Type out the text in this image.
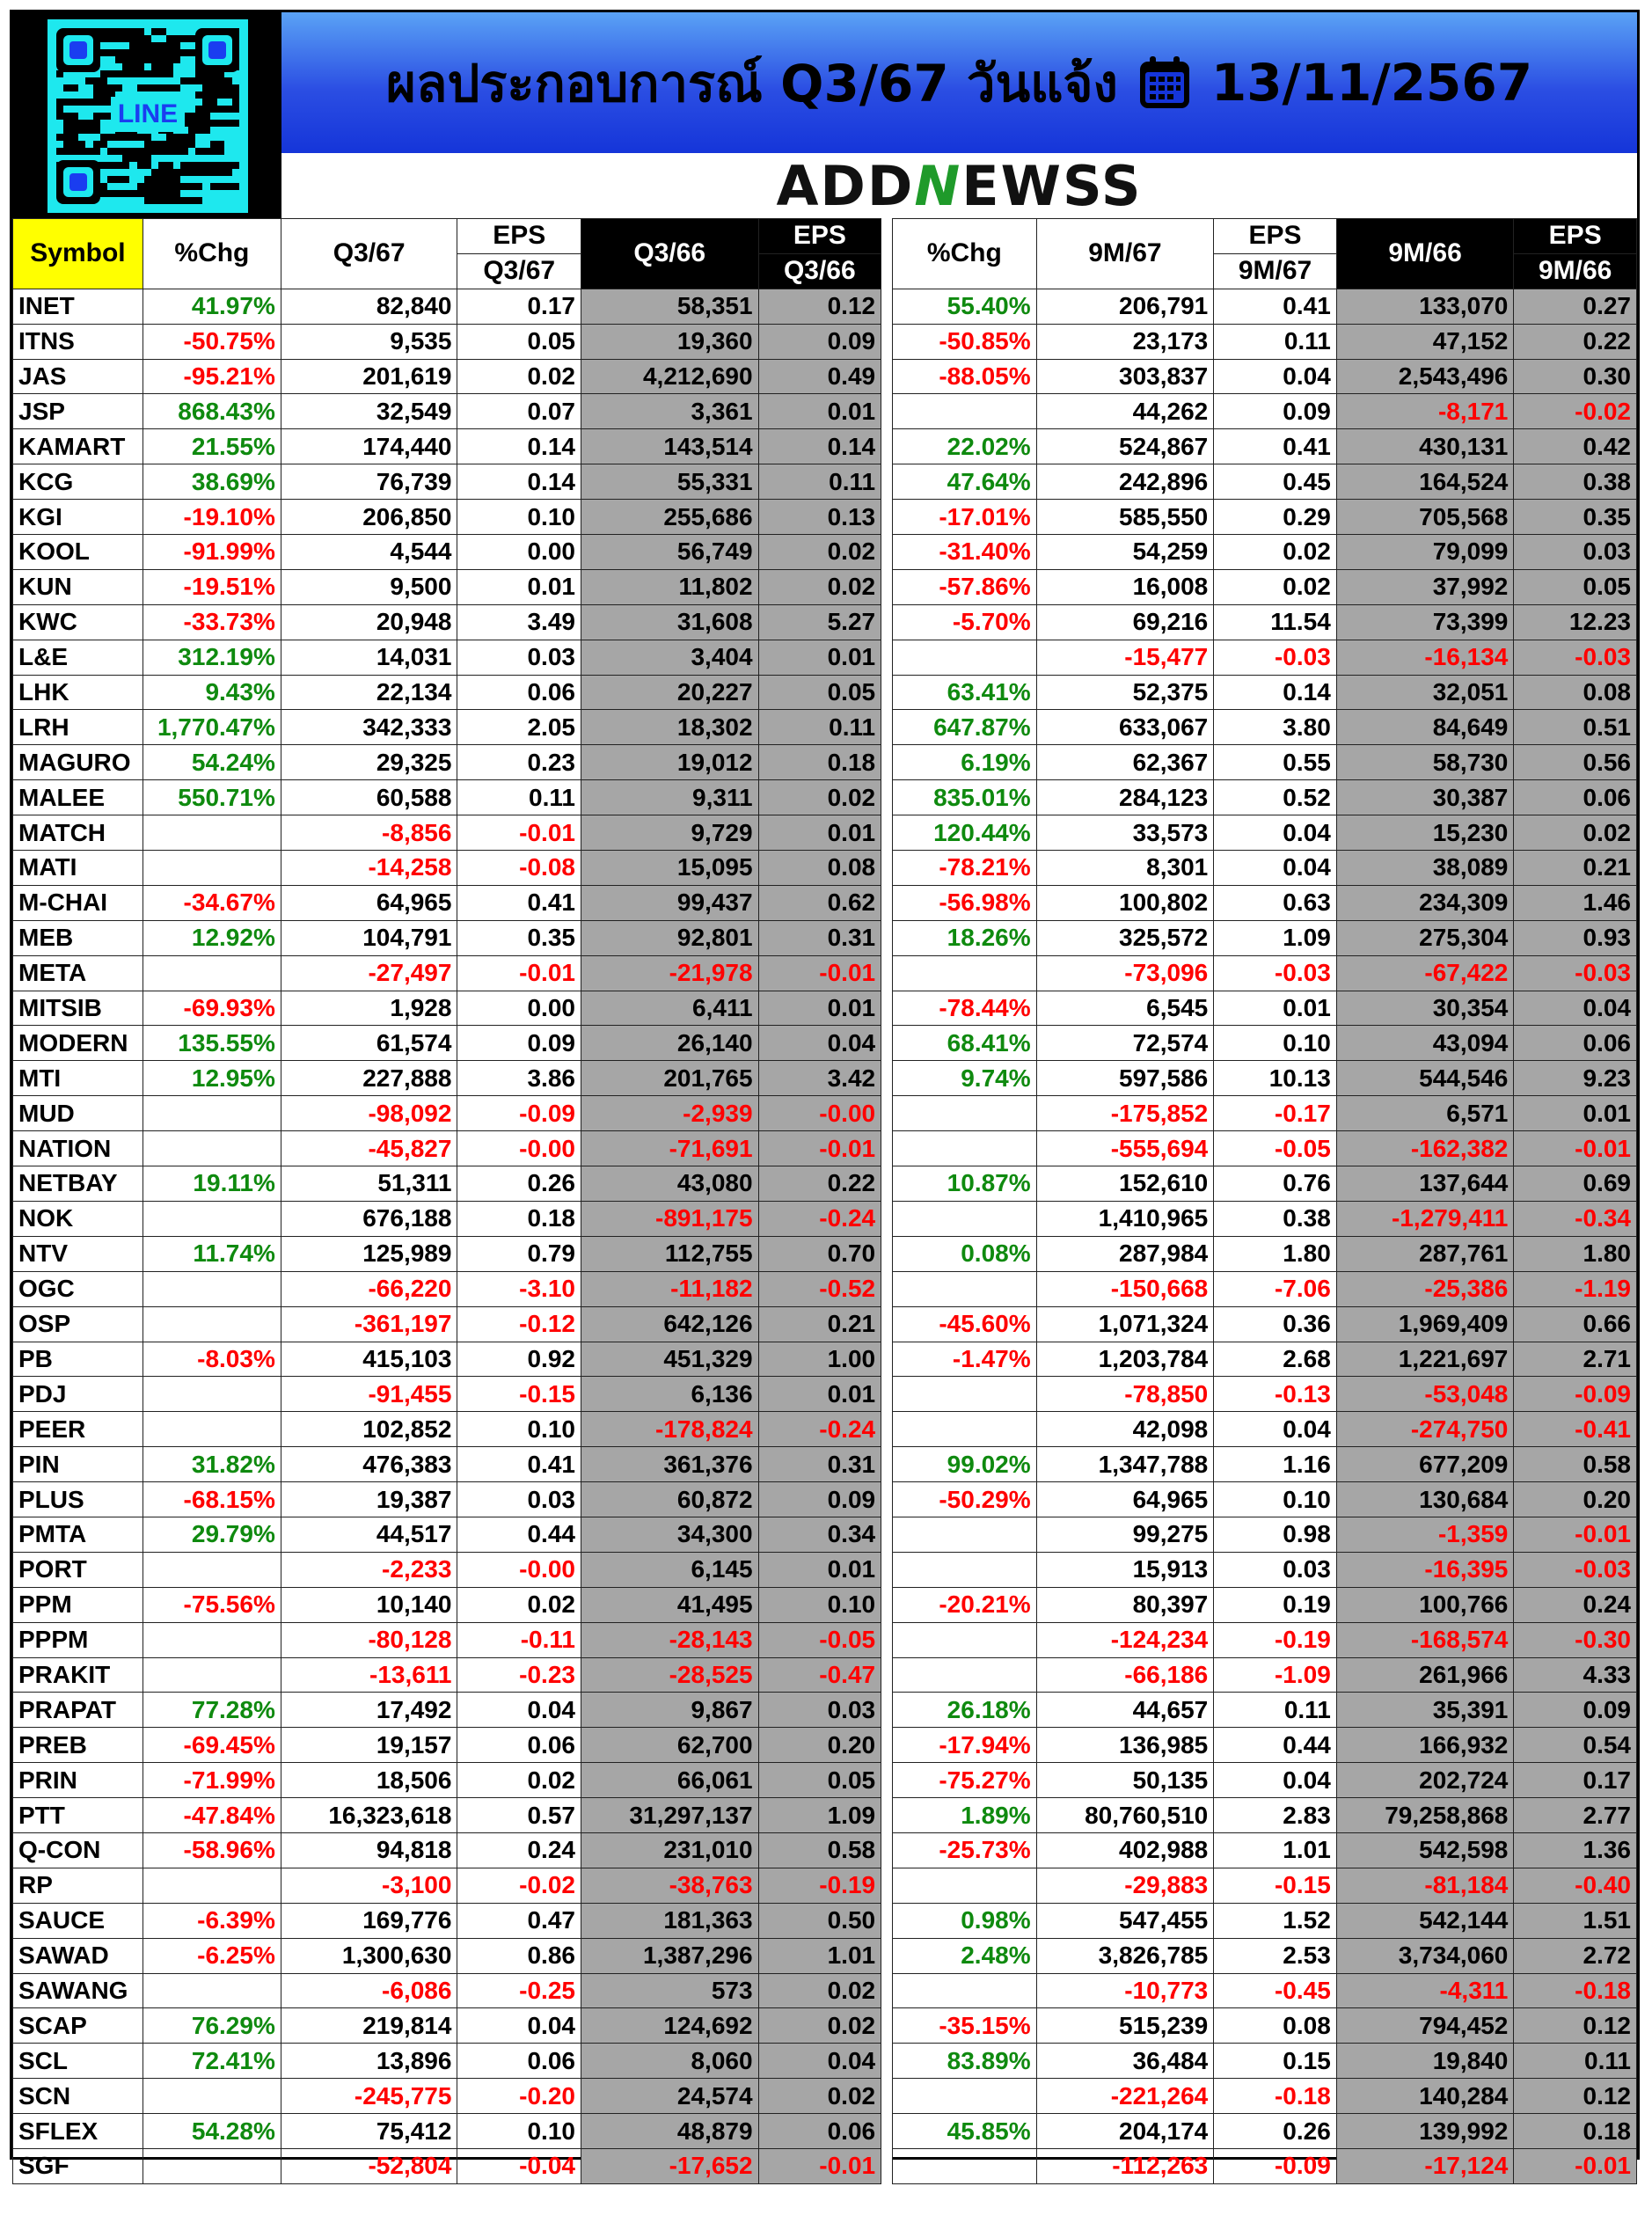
LINE
ผลประกอบการณ์ Q3/67 วันแจ้ง 13/11/2567
ADDNEWSS
Symbol	%Chg	Q3/67	EPS	Q3/66	EPS		%Chg	9M/67	EPS	9M/66	EPS
			Q3/67		Q3/66				9M/67		9M/66
INET	41.97%	82,840	0.17	58,351	0.12		55.40%	206,791	0.41	133,070	0.27
ITNS	-50.75%	9,535	0.05	19,360	0.09		-50.85%	23,173	0.11	47,152	0.22
JAS	-95.21%	201,619	0.02	4,212,690	0.49		-88.05%	303,837	0.04	2,543,496	0.30
JSP	868.43%	32,549	0.07	3,361	0.01			44,262	0.09	-8,171	-0.02
KAMART	21.55%	174,440	0.14	143,514	0.14		22.02%	524,867	0.41	430,131	0.42
KCG	38.69%	76,739	0.14	55,331	0.11		47.64%	242,896	0.45	164,524	0.38
KGI	-19.10%	206,850	0.10	255,686	0.13		-17.01%	585,550	0.29	705,568	0.35
KOOL	-91.99%	4,544	0.00	56,749	0.02		-31.40%	54,259	0.02	79,099	0.03
KUN	-19.51%	9,500	0.01	11,802	0.02		-57.86%	16,008	0.02	37,992	0.05
KWC	-33.73%	20,948	3.49	31,608	5.27		-5.70%	69,216	11.54	73,399	12.23
L&E	312.19%	14,031	0.03	3,404	0.01			-15,477	-0.03	-16,134	-0.03
LHK	9.43%	22,134	0.06	20,227	0.05		63.41%	52,375	0.14	32,051	0.08
LRH	1,770.47%	342,333	2.05	18,302	0.11		647.87%	633,067	3.80	84,649	0.51
MAGURO	54.24%	29,325	0.23	19,012	0.18		6.19%	62,367	0.55	58,730	0.56
MALEE	550.71%	60,588	0.11	9,311	0.02		835.01%	284,123	0.52	30,387	0.06
MATCH		-8,856	-0.01	9,729	0.01		120.44%	33,573	0.04	15,230	0.02
MATI		-14,258	-0.08	15,095	0.08		-78.21%	8,301	0.04	38,089	0.21
M-CHAI	-34.67%	64,965	0.41	99,437	0.62		-56.98%	100,802	0.63	234,309	1.46
MEB	12.92%	104,791	0.35	92,801	0.31		18.26%	325,572	1.09	275,304	0.93
META		-27,497	-0.01	-21,978	-0.01			-73,096	-0.03	-67,422	-0.03
MITSIB	-69.93%	1,928	0.00	6,411	0.01		-78.44%	6,545	0.01	30,354	0.04
MODERN	135.55%	61,574	0.09	26,140	0.04		68.41%	72,574	0.10	43,094	0.06
MTI	12.95%	227,888	3.86	201,765	3.42		9.74%	597,586	10.13	544,546	9.23
MUD		-98,092	-0.09	-2,939	-0.00			-175,852	-0.17	6,571	0.01
NATION		-45,827	-0.00	-71,691	-0.01			-555,694	-0.05	-162,382	-0.01
NETBAY	19.11%	51,311	0.26	43,080	0.22		10.87%	152,610	0.76	137,644	0.69
NOK		676,188	0.18	-891,175	-0.24			1,410,965	0.38	-1,279,411	-0.34
NTV	11.74%	125,989	0.79	112,755	0.70		0.08%	287,984	1.80	287,761	1.80
OGC		-66,220	-3.10	-11,182	-0.52			-150,668	-7.06	-25,386	-1.19
OSP		-361,197	-0.12	642,126	0.21		-45.60%	1,071,324	0.36	1,969,409	0.66
PB	-8.03%	415,103	0.92	451,329	1.00		-1.47%	1,203,784	2.68	1,221,697	2.71
PDJ		-91,455	-0.15	6,136	0.01			-78,850	-0.13	-53,048	-0.09
PEER		102,852	0.10	-178,824	-0.24			42,098	0.04	-274,750	-0.41
PIN	31.82%	476,383	0.41	361,376	0.31		99.02%	1,347,788	1.16	677,209	0.58
PLUS	-68.15%	19,387	0.03	60,872	0.09		-50.29%	64,965	0.10	130,684	0.20
PMTA	29.79%	44,517	0.44	34,300	0.34			99,275	0.98	-1,359	-0.01
PORT		-2,233	-0.00	6,145	0.01			15,913	0.03	-16,395	-0.03
PPM	-75.56%	10,140	0.02	41,495	0.10		-20.21%	80,397	0.19	100,766	0.24
PPPM		-80,128	-0.11	-28,143	-0.05			-124,234	-0.19	-168,574	-0.30
PRAKIT		-13,611	-0.23	-28,525	-0.47			-66,186	-1.09	261,966	4.33
PRAPAT	77.28%	17,492	0.04	9,867	0.03		26.18%	44,657	0.11	35,391	0.09
PREB	-69.45%	19,157	0.06	62,700	0.20		-17.94%	136,985	0.44	166,932	0.54
PRIN	-71.99%	18,506	0.02	66,061	0.05		-75.27%	50,135	0.04	202,724	0.17
PTT	-47.84%	16,323,618	0.57	31,297,137	1.09		1.89%	80,760,510	2.83	79,258,868	2.77
Q-CON	-58.96%	94,818	0.24	231,010	0.58		-25.73%	402,988	1.01	542,598	1.36
RP		-3,100	-0.02	-38,763	-0.19			-29,883	-0.15	-81,184	-0.40
SAUCE	-6.39%	169,776	0.47	181,363	0.50		0.98%	547,455	1.52	542,144	1.51
SAWAD	-6.25%	1,300,630	0.86	1,387,296	1.01		2.48%	3,826,785	2.53	3,734,060	2.72
SAWANG		-6,086	-0.25	573	0.02			-10,773	-0.45	-4,311	-0.18
SCAP	76.29%	219,814	0.04	124,692	0.02		-35.15%	515,239	0.08	794,452	0.12
SCL	72.41%	13,896	0.06	8,060	0.04		83.89%	36,484	0.15	19,840	0.11
SCN		-245,775	-0.20	24,574	0.02			-221,264	-0.18	140,284	0.12
SFLEX	54.28%	75,412	0.10	48,879	0.06		45.85%	204,174	0.26	139,992	0.18
SGF		-52,804	-0.04	-17,652	-0.01			-112,263	-0.09	-17,124	-0.01
